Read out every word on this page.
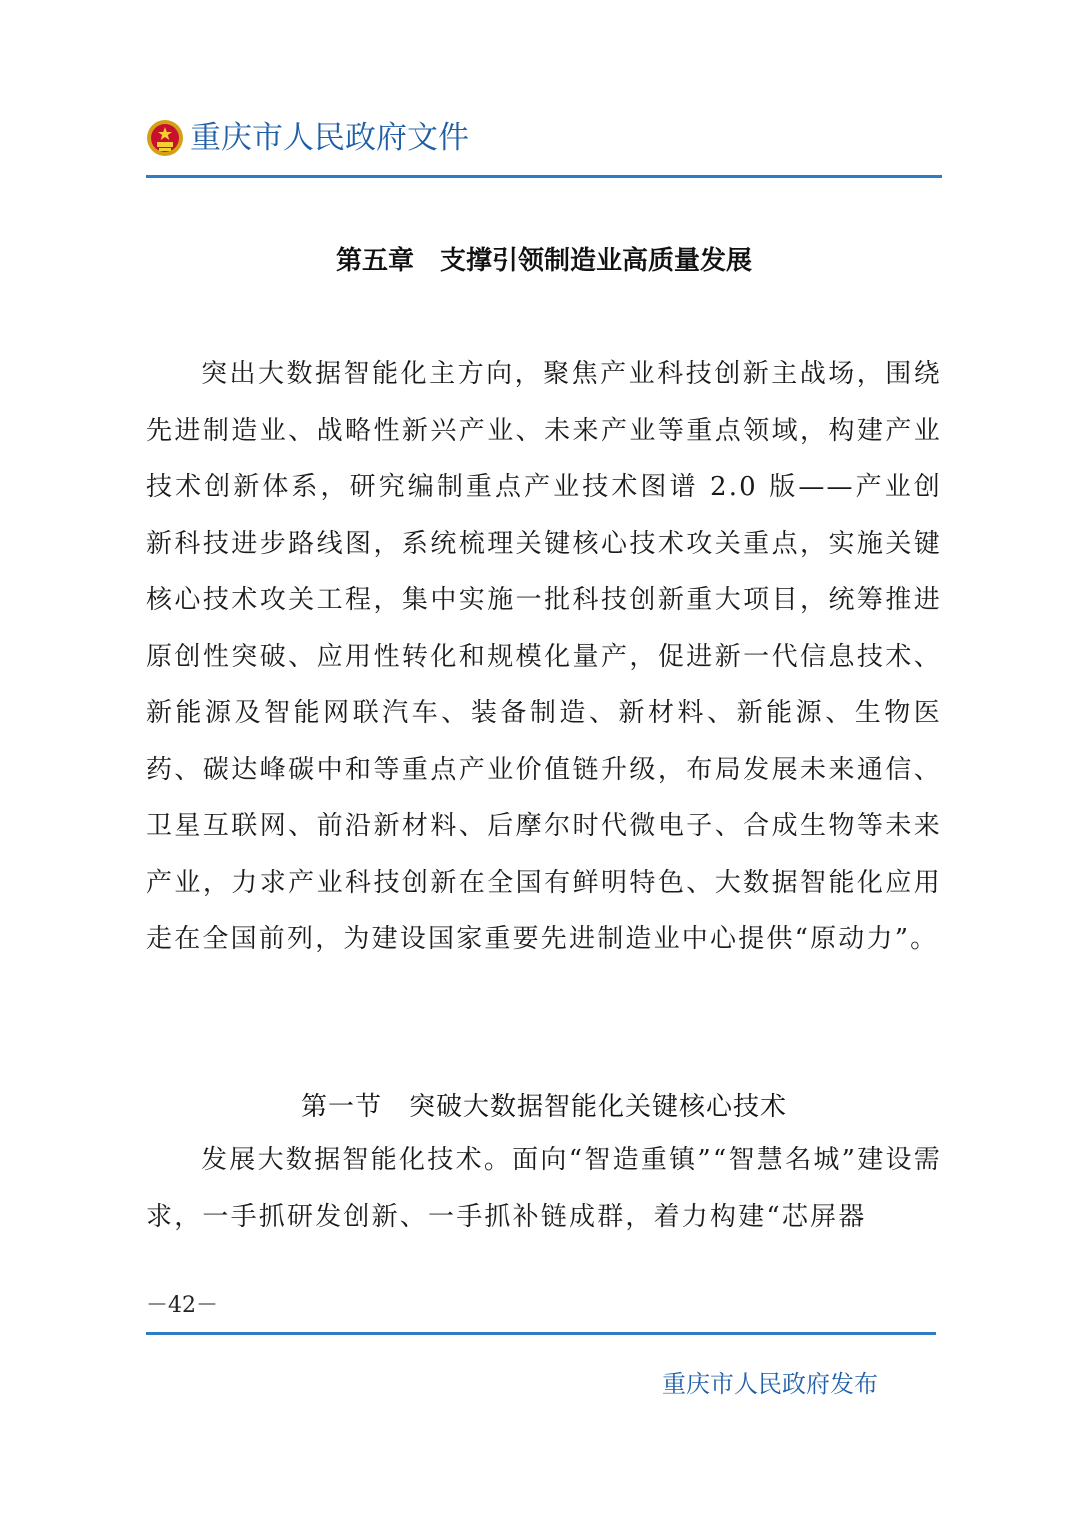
重庆市人民政府文件
第五章　支撑引领制造业高质量发展

突出大数据智能化主方向，聚焦产业科技创新主战场，围绕先进制造业、战略性新兴产业、未来产业等重点领域，构建产业技术创新体系，研究编制重点产业技术图谱 2.0 版——产业创新科技进步路线图，系统梳理关键核心技术攻关重点，实施关键核心技术攻关工程，集中实施一批科技创新重大项目，统筹推进原创性突破、应用性转化和规模化量产，促进新一代信息技术、新能源及智能网联汽车、装备制造、新材料、新能源、生物医药、碳达峰碳中和等重点产业价值链升级，布局发展未来通信、卫星互联网、前沿新材料、后摩尔时代微电子、合成生物等未来产业，力求产业科技创新在全国有鲜明特色、大数据智能化应用走在全国前列，为建设国家重要先进制造业中心提供“原动力”。

第一节　突破大数据智能化关键核心技术

发展大数据智能化技术。面向“智造重镇”“智慧名城”建设需求，一手抓研发创新、一手抓补链成群，着力构建“芯屏器

－42－
重庆市人民政府发布
